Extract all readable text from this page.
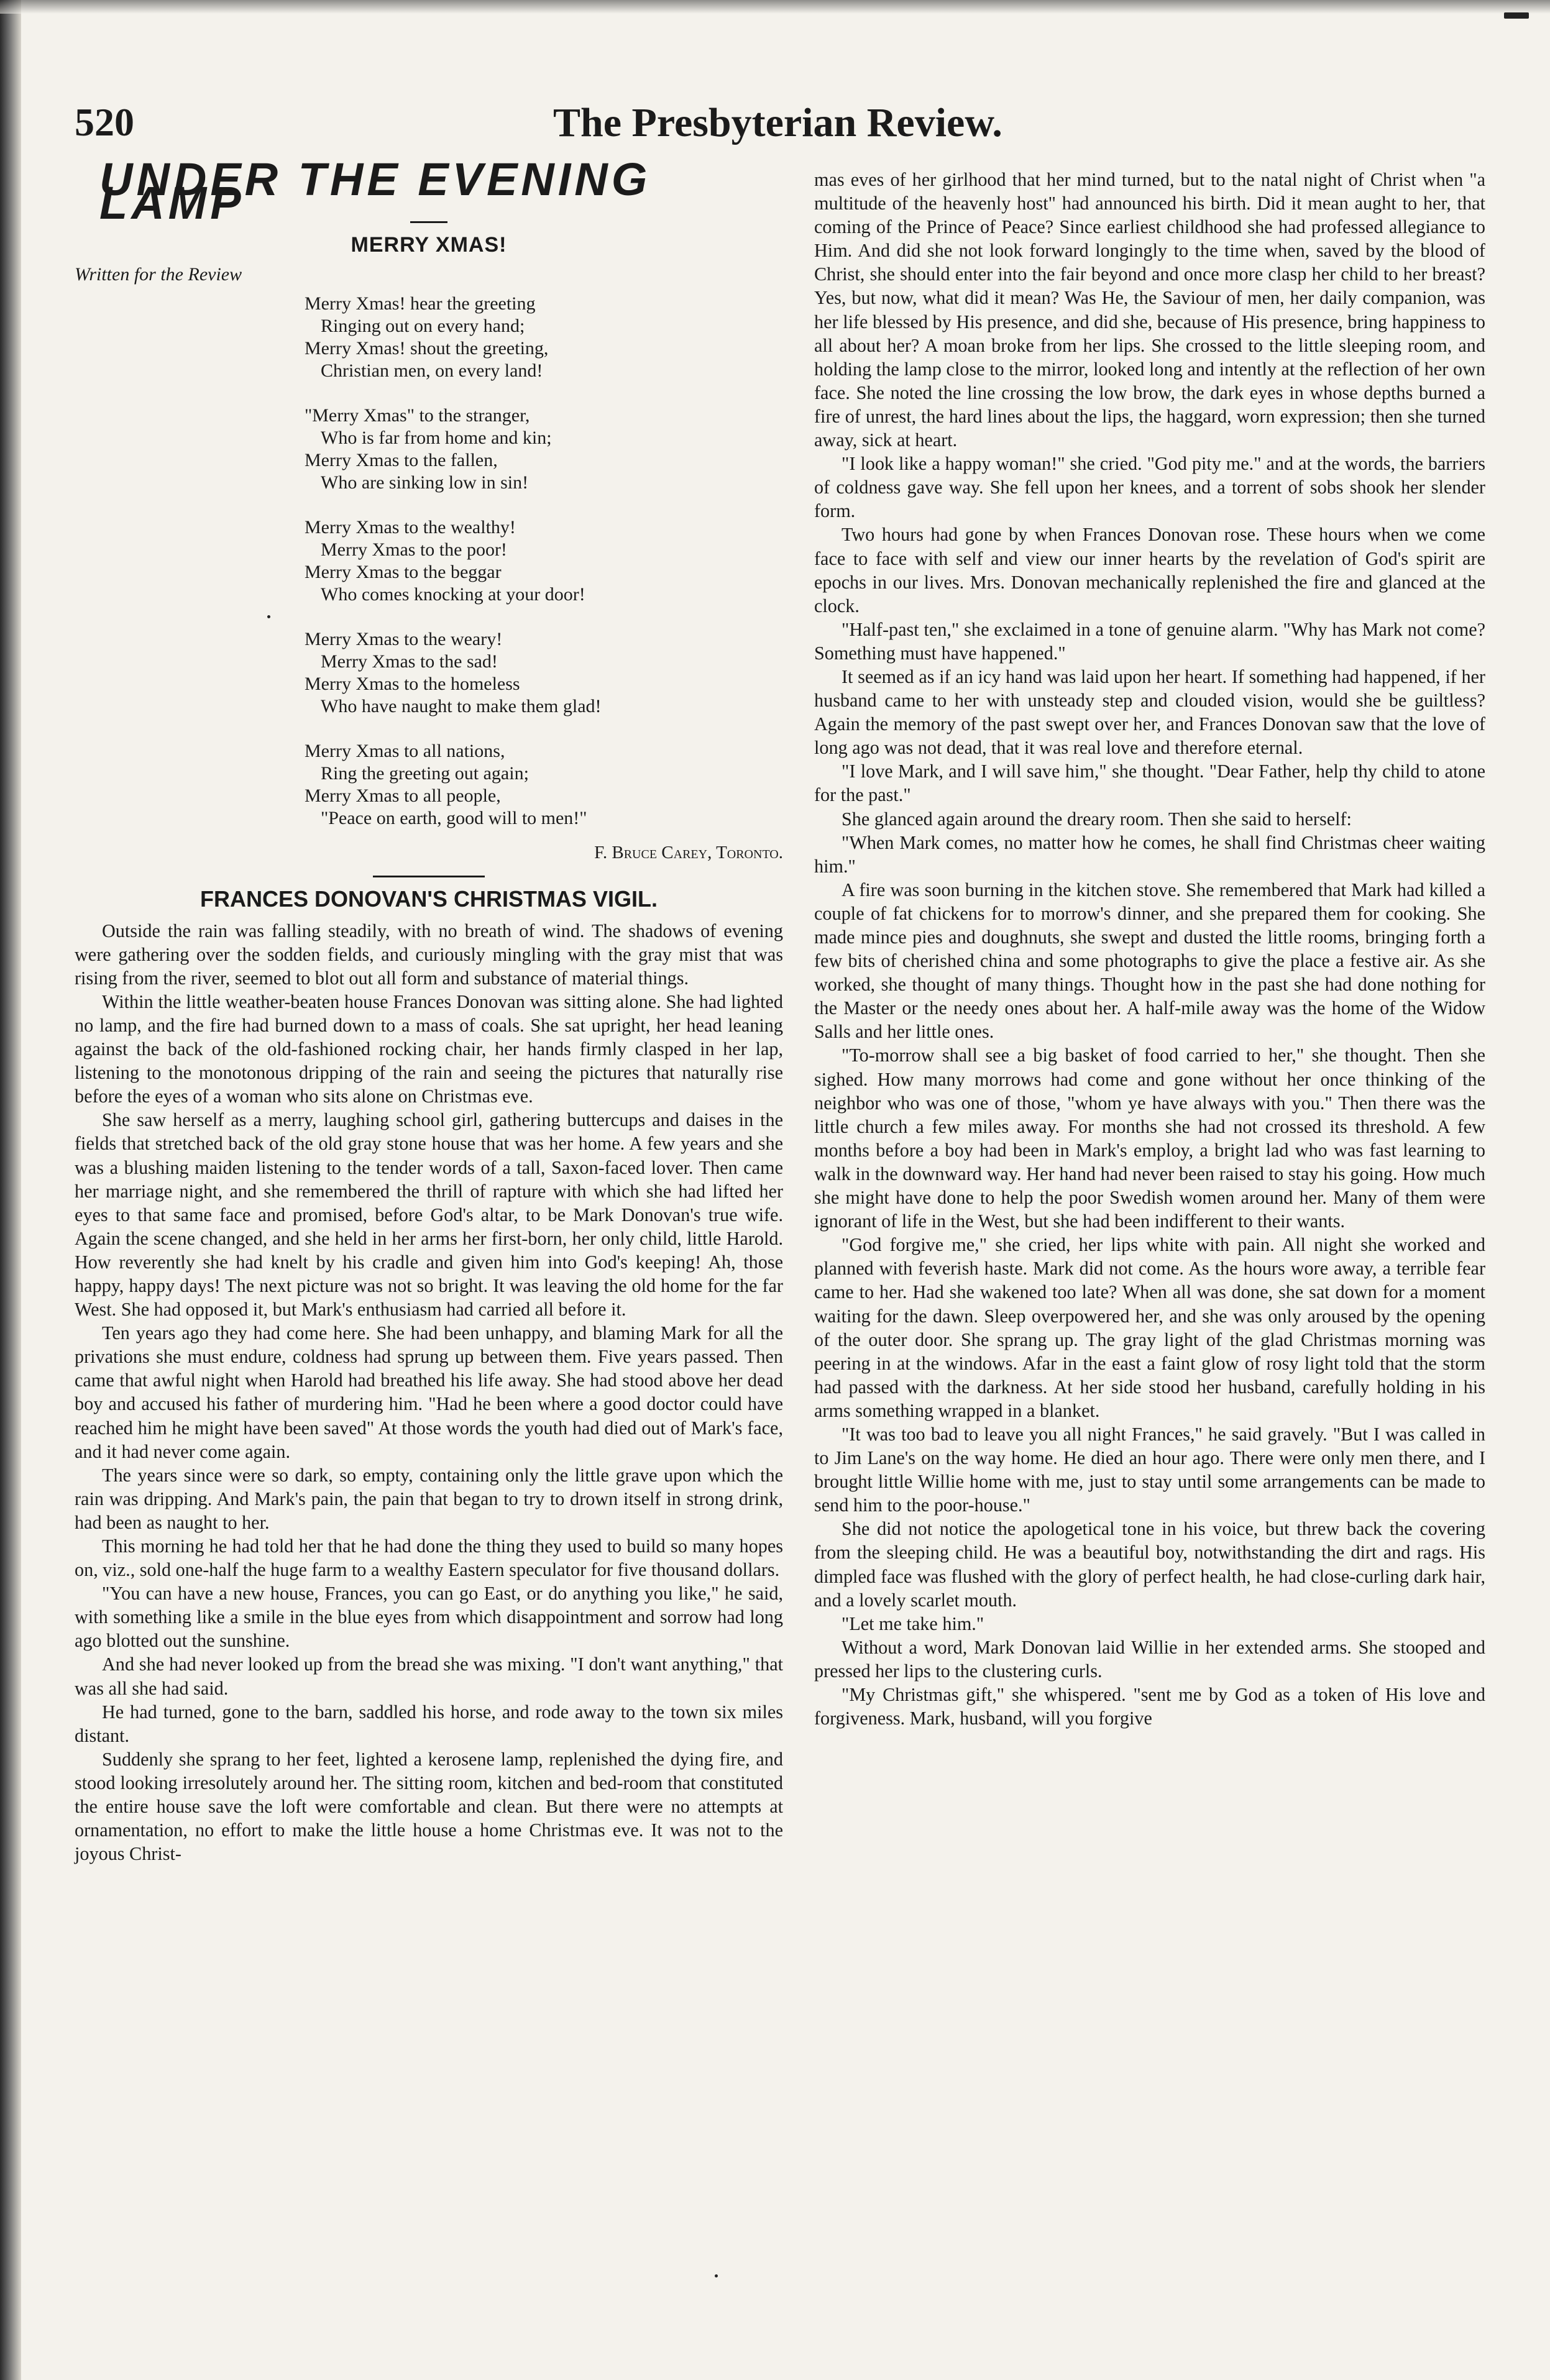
520	The Presbyterian Review.
UNDER THE EVENING LAMP
MERRY XMAS!
Written for the Review
Merry Xmas! hear the greeting
Ringing out on every hand;
Merry Xmas! shout the greeting,
Christian men, on every land!
"Merry Xmas" to the stranger,
Who is far from home and kin;
Merry Xmas to the fallen,
Who are sinking low in sin!
Merry Xmas to the wealthy!
Merry Xmas to the poor!
Merry Xmas to the beggar
Who comes knocking at your door!
Merry Xmas to the weary!
Merry Xmas to the sad!
Merry Xmas to the homeless
Who have naught to make them glad!
Merry Xmas to all nations,
Ring the greeting out again;
Merry Xmas to all people,
"Peace on earth, good will to men!"
F. Bruce Carey, Toronto.
FRANCES DONOVAN'S CHRISTMAS VIGIL.

Outside the rain was falling steadily, with no breath of wind. The shadows of evening were gathering over the sodden fields, and curiously mingling with the gray mist that was rising from the river, seemed to blot out all form and substance of material things.

Within the little weather-beaten house Frances Donovan was sitting alone. She had lighted no lamp, and the fire had burned down to a mass of coals. She sat upright, her head leaning against the back of the old-fashioned rocking chair, her hands firmly clasped in her lap, listening to the monotonous dripping of the rain and seeing the pictures that naturally rise before the eyes of a woman who sits alone on Christmas eve.

She saw herself as a merry, laughing school girl, gathering buttercups and daises in the fields that stretched back of the old gray stone house that was her home. A few years and she was a blushing maiden listening to the tender words of a tall, Saxon-faced lover. Then came her marriage night, and she remembered the thrill of rapture with which she had lifted her eyes to that same face and promised, before God's altar, to be Mark Donovan's true wife. Again the scene changed, and she held in her arms her first-born, her only child, little Harold. How reverently she had knelt by his cradle and given him into God's keeping! Ah, those happy, happy days! The next picture was not so bright. It was leaving the old home for the far West. She had opposed it, but Mark's enthusiasm had carried all before it.

Ten years ago they had come here. She had been unhappy, and blaming Mark for all the privations she must endure, coldness had sprung up between them. Five years passed. Then came that awful night when Harold had breathed his life away. She had stood above her dead boy and accused his father of murdering him. "Had he been where a good doctor could have reached him he might have been saved" At those words the youth had died out of Mark's face, and it had never come again.

The years since were so dark, so empty, containing only the little grave upon which the rain was dripping. And Mark's pain, the pain that began to try to drown itself in strong drink, had been as naught to her.

This morning he had told her that he had done the thing they used to build so many hopes on, viz., sold one-half the huge farm to a wealthy Eastern speculator for five thousand dollars.

"You can have a new house, Frances, you can go East, or do anything you like," he said, with something like a smile in the blue eyes from which disappointment and sorrow had long ago blotted out the sunshine.

And she had never looked up from the bread she was mixing. "I don't want anything," that was all she had said.

He had turned, gone to the barn, saddled his horse, and rode away to the town six miles distant.

Suddenly she sprang to her feet, lighted a kerosene lamp, replenished the dying fire, and stood looking irresolutely around her. The sitting room, kitchen and bed-room that constituted the entire house save the loft were comfortable and clean. But there were no attempts at ornamentation, no effort to make the little house a home Christmas eve. It was not to the joyous Christ-

mas eves of her girlhood that her mind turned, but to the natal night of Christ when "a multitude of the heavenly host" had announced his birth. Did it mean aught to her, that coming of the Prince of Peace? Since earliest childhood she had professed allegiance to Him. And did she not look forward longingly to the time when, saved by the blood of Christ, she should enter into the fair beyond and once more clasp her child to her breast? Yes, but now, what did it mean? Was He, the Saviour of men, her daily companion, was her life blessed by His presence, and did she, because of His presence, bring happiness to all about her? A moan broke from her lips. She crossed to the little sleeping room, and holding the lamp close to the mirror, looked long and intently at the reflection of her own face. She noted the line crossing the low brow, the dark eyes in whose depths burned a fire of unrest, the hard lines about the lips, the haggard, worn expression; then she turned away, sick at heart.

"I look like a happy woman!" she cried. "God pity me." and at the words, the barriers of coldness gave way. She fell upon her knees, and a torrent of sobs shook her slender form.

Two hours had gone by when Frances Donovan rose. These hours when we come face to face with self and view our inner hearts by the revelation of God's spirit are epochs in our lives. Mrs. Donovan mechanically replenished the fire and glanced at the clock.

"Half-past ten," she exclaimed in a tone of genuine alarm. "Why has Mark not come? Something must have happened."

It seemed as if an icy hand was laid upon her heart. If something had happened, if her husband came to her with unsteady step and clouded vision, would she be guiltless? Again the memory of the past swept over her, and Frances Donovan saw that the love of long ago was not dead, that it was real love and therefore eternal.

"I love Mark, and I will save him," she thought. "Dear Father, help thy child to atone for the past."

She glanced again around the dreary room. Then she said to herself:

"When Mark comes, no matter how he comes, he shall find Christmas cheer waiting him."

A fire was soon burning in the kitchen stove. She remembered that Mark had killed a couple of fat chickens for to morrow's dinner, and she prepared them for cooking. She made mince pies and doughnuts, she swept and dusted the little rooms, bringing forth a few bits of cherished china and some photographs to give the place a festive air. As she worked, she thought of many things. Thought how in the past she had done nothing for the Master or the needy ones about her. A half-mile away was the home of the Widow Salls and her little ones.

"To-morrow shall see a big basket of food carried to her," she thought. Then she sighed. How many morrows had come and gone without her once thinking of the neighbor who was one of those, "whom ye have always with you." Then there was the little church a few miles away. For months she had not crossed its threshold. A few months before a boy had been in Mark's employ, a bright lad who was fast learning to walk in the downward way. Her hand had never been raised to stay his going. How much she might have done to help the poor Swedish women around her. Many of them were ignorant of life in the West, but she had been indifferent to their wants.

"God forgive me," she cried, her lips white with pain. All night she worked and planned with feverish haste. Mark did not come. As the hours wore away, a terrible fear came to her. Had she wakened too late? When all was done, she sat down for a moment waiting for the dawn. Sleep overpowered her, and she was only aroused by the opening of the outer door. She sprang up. The gray light of the glad Christmas morning was peering in at the windows. Afar in the east a faint glow of rosy light told that the storm had passed with the darkness. At her side stood her husband, carefully holding in his arms something wrapped in a blanket.

"It was too bad to leave you all night Frances," he said gravely. "But I was called in to Jim Lane's on the way home. He died an hour ago. There were only men there, and I brought little Willie home with me, just to stay until some arrangements can be made to send him to the poor-house."

She did not notice the apologetical tone in his voice, but threw back the covering from the sleeping child. He was a beautiful boy, notwithstanding the dirt and rags. His dimpled face was flushed with the glory of perfect health, he had close-curling dark hair, and a lovely scarlet mouth.

"Let me take him."

Without a word, Mark Donovan laid Willie in her extended arms. She stooped and pressed her lips to the clustering curls.

"My Christmas gift," she whispered. "sent me by God as a token of His love and forgiveness. Mark, husband, will you forgive
